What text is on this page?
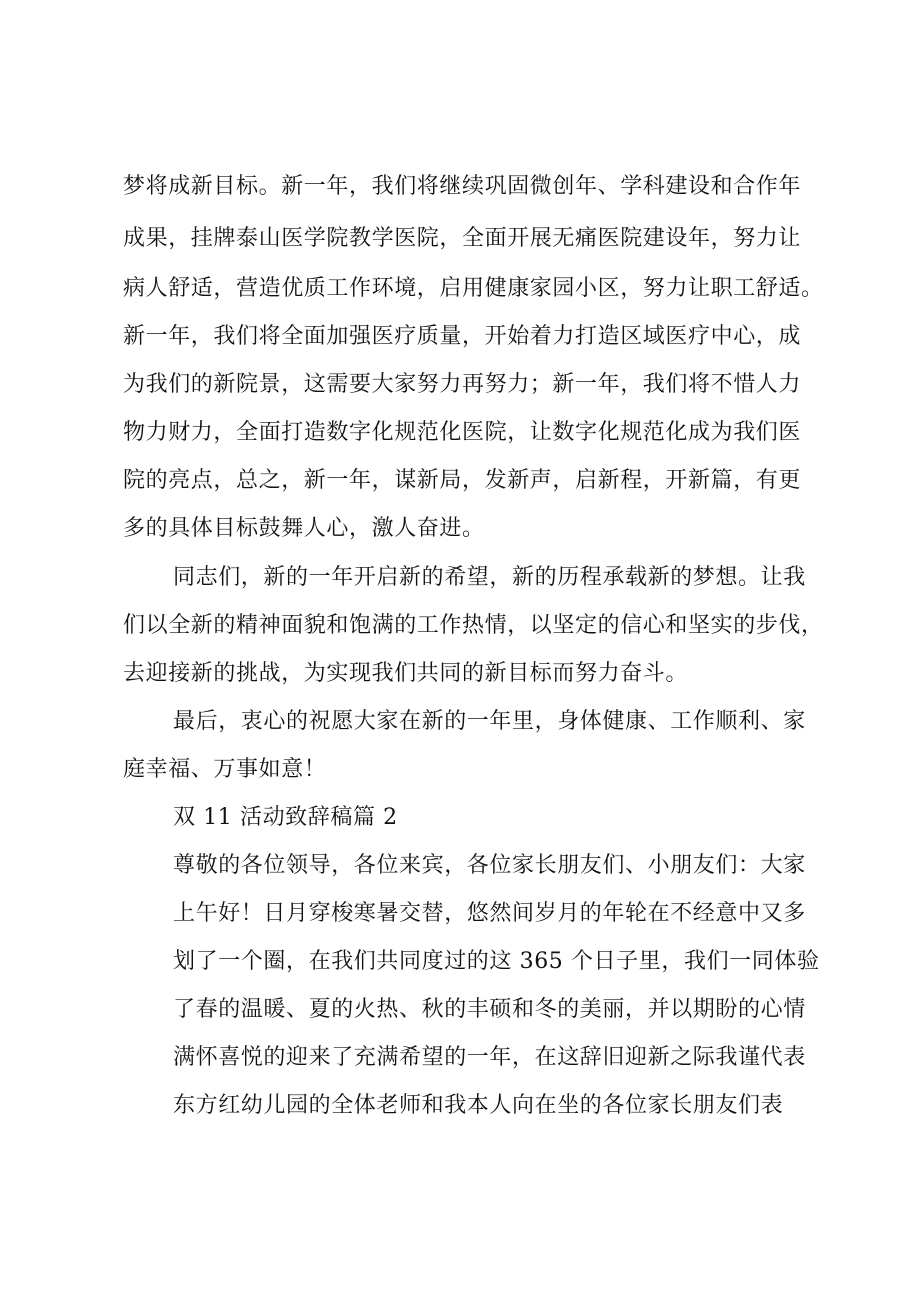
梦将成新目标。新一年，我们将继续巩固微创年、学科建设和合作年
成果，挂牌泰山医学院教学医院，全面开展无痛医院建设年，努力让
病人舒适，营造优质工作环境，启用健康家园小区，努力让职工舒适。
新一年，我们将全面加强医疗质量，开始着力打造区域医疗中心，成
为我们的新院景，这需要大家努力再努力；新一年，我们将不惜人力
物力财力，全面打造数字化规范化医院，让数字化规范化成为我们医
院的亮点，总之，新一年，谋新局，发新声，启新程，开新篇，有更
多的具体目标鼓舞人心，激人奋进。
同志们，新的一年开启新的希望，新的历程承载新的梦想。让我
们以全新的精神面貌和饱满的工作热情，以坚定的信心和坚实的步伐，
去迎接新的挑战，为实现我们共同的新目标而努力奋斗。
最后，衷心的祝愿大家在新的一年里，身体健康、工作顺利、家
庭幸福、万事如意！
双 11 活动致辞稿篇 2
尊敬的各位领导，各位来宾，各位家长朋友们、小朋友们：大家
上午好！日月穿梭寒暑交替，悠然间岁月的年轮在不经意中又多
划了一个圈，在我们共同度过的这 365 个日子里，我们一同体验
了春的温暖、夏的火热、秋的丰硕和冬的美丽，并以期盼的心情
满怀喜悦的迎来了充满希望的一年，在这辞旧迎新之际我谨代表
东方红幼儿园的全体老师和我本人向在坐的各位家长朋友们表
